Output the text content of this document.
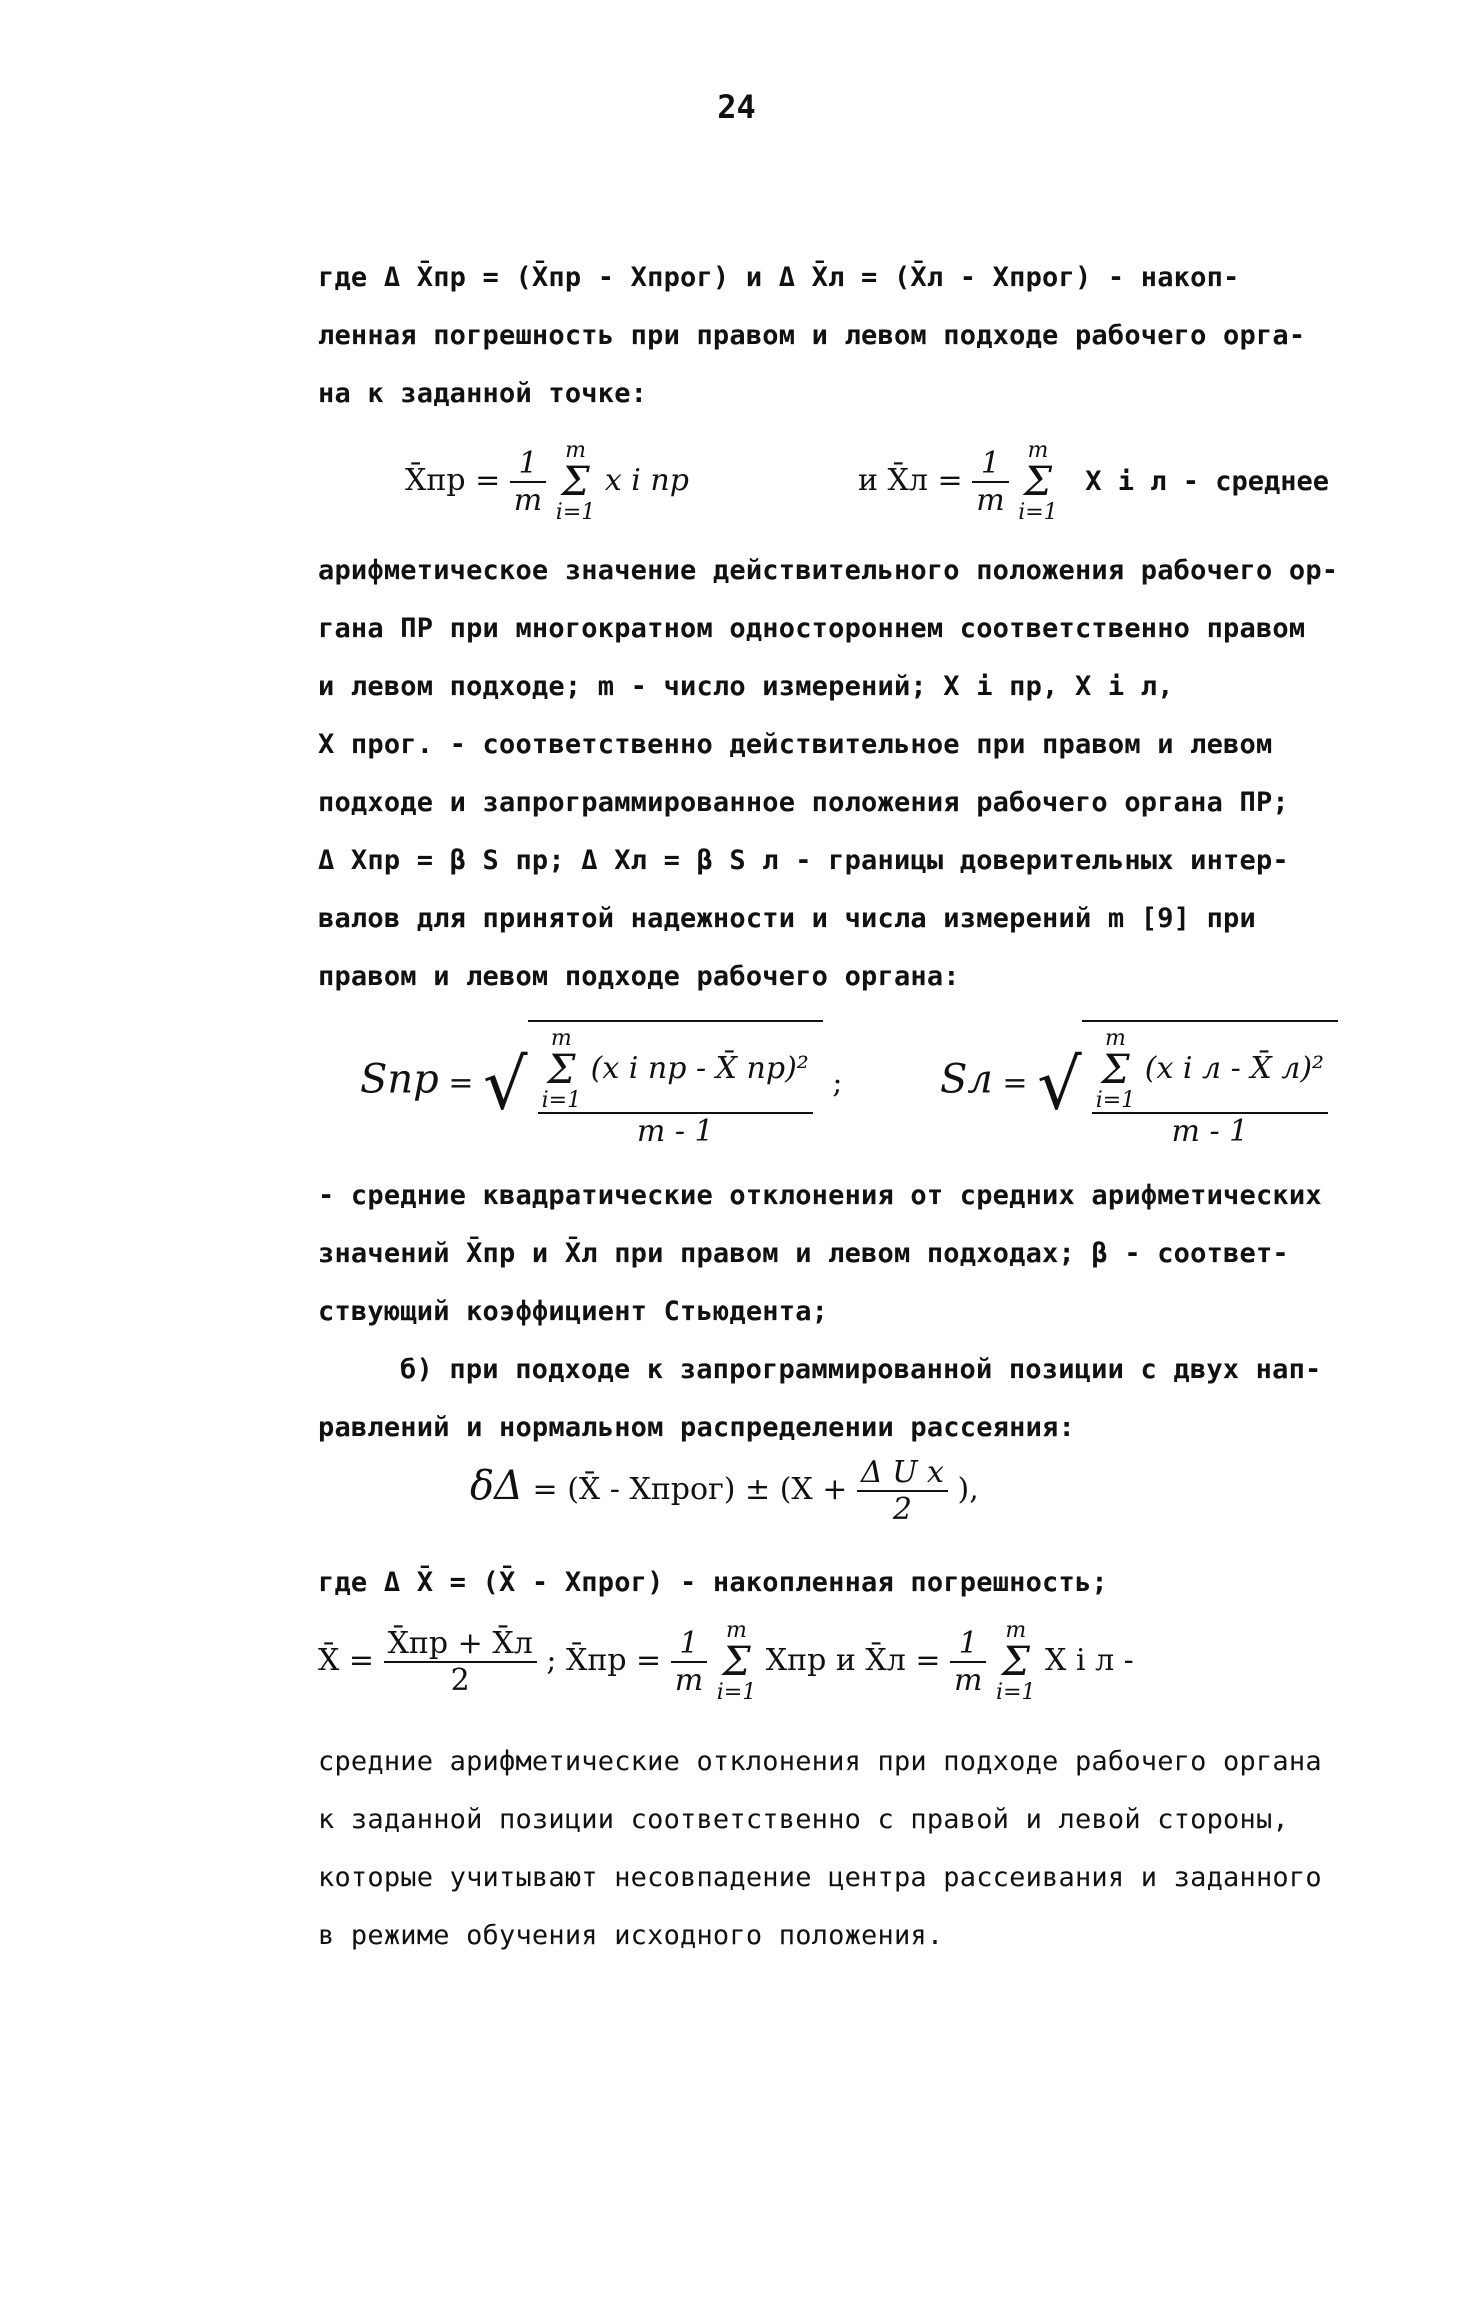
24
где Δ X̄пр = (X̄пр - Xпрог) и Δ X̄л = (X̄л - Xпрог) - накоп-
ленная погрешность при правом и левом подходе рабочего орга-
на к заданной точке:
X̄пр = $\frac{1}{m}$ m
Σ
i=1 x i пр	и X̄л = $\frac{1}{m}$ m
Σ
i=1 X i л - среднее
арифметическое значение действительного положения рабочего ор-
гана ПР при многократном одностороннем соответственно правом
и левом подходе; m - число измерений; X i пр, X i л,
X прог. - соответственно действительное при правом и левом
подходе и запрограммированное положения рабочего органа ПР;
Δ Xпр = β S пр; Δ Xл = β S л - границы доверительных интер-
валов для принятой надежности и числа измерений m [9] при
правом и левом подходе рабочего органа:
Sпр = √ m
Σ
i=1 (x i пр - X̄ пр)²
m - 1 ; Sл = √ m
Σ
i=1 (x i л - X̄ л)²
m - 1
- средние квадратические отклонения от средних арифметических
значений X̄пр и X̄л при правом и левом подходах; β - соответ-
ствующий коэффициент Стьюдента;
б) при подходе к запрограммированной позиции с двух нап-
равлений и нормальном распределении рассеяния:
δΔ = (X̄ - Xпрог) ± ($X + \frac{\text{Δ U x}}{2}$ ),
где Δ X̄ = (X̄ - Xпрог) - накопленная погрешность;
X̄ = $\frac{X̄пр + X̄л}{2}$ ; X̄пр = $\frac{1}{m}$ m
Σ
i=1 Xпр и X̄л = $\frac{1}{m}$ m
Σ
i=1 X i л -
средние арифметические отклонения при подходе рабочего органа
к заданной позиции соответственно с правой и левой стороны,
которые учитывают несовпадение центра рассеивания и заданного
в режиме обучения исходного положения.
